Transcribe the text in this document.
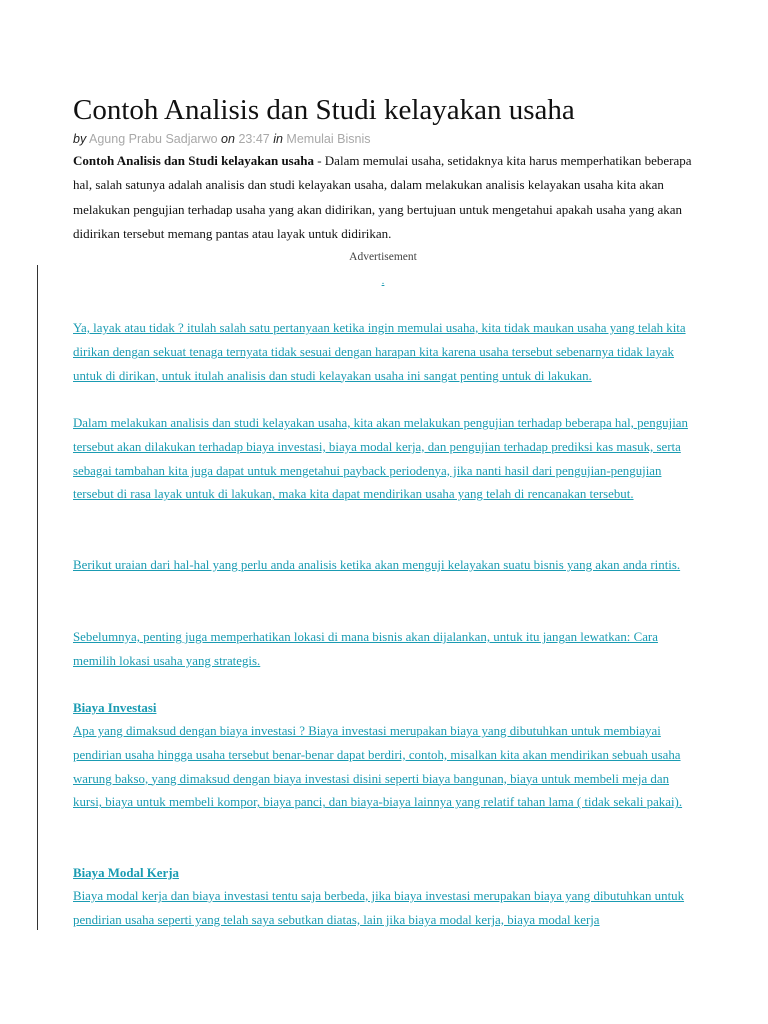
Contoh Analisis dan Studi kelayakan usaha
by Agung Prabu Sadjarwo on 23:47 in Memulai Bisnis

Contoh Analisis dan Studi kelayakan usaha - Dalam memulai usaha, setidaknya kita harus memperhatikan beberapa hal, salah satunya adalah analisis dan studi kelayakan usaha, dalam melakukan analisis kelayakan usaha kita akan melakukan pengujian terhadap usaha yang akan didirikan, yang bertujuan untuk mengetahui apakah usaha yang akan didirikan tersebut memang pantas atau layak untuk didirikan.

Advertisement
.

Ya, layak atau tidak ? itulah salah satu pertanyaan ketika ingin memulai usaha, kita tidak maukan usaha yang telah kita dirikan dengan sekuat tenaga ternyata tidak sesuai dengan harapan kita karena usaha tersebut sebenarnya tidak layak untuk di dirikan, untuk itulah analisis dan studi kelayakan usaha ini sangat penting untuk di lakukan.

Dalam melakukan analisis dan studi kelayakan usaha, kita akan melakukan pengujian terhadap beberapa hal, pengujian tersebut akan dilakukan terhadap biaya investasi, biaya modal kerja, dan pengujian terhadap prediksi kas masuk, serta sebagai tambahan kita juga dapat untuk mengetahui payback periodenya, jika nanti hasil dari pengujian-pengujian tersebut di rasa layak untuk di lakukan, maka kita dapat mendirikan usaha yang telah di rencanakan tersebut.

Berikut uraian dari hal-hal yang perlu anda analisis ketika akan menguji kelayakan suatu bisnis yang akan anda rintis.

Sebelumnya, penting juga memperhatikan lokasi di mana bisnis akan dijalankan, untuk itu jangan lewatkan: Cara memilih lokasi usaha yang strategis.

Biaya Investasi

Apa yang dimaksud dengan biaya investasi ? Biaya investasi merupakan biaya yang dibutuhkan untuk membiayai pendirian usaha hingga usaha tersebut benar-benar dapat berdiri, contoh, misalkan kita akan mendirikan sebuah usaha warung bakso, yang dimaksud dengan biaya investasi disini seperti biaya bangunan, biaya untuk membeli meja dan kursi, biaya untuk membeli kompor, biaya panci, dan biaya-biaya lainnya yang relatif tahan lama ( tidak sekali pakai).

Biaya Modal Kerja

Biaya modal kerja dan biaya investasi tentu saja berbeda, jika biaya investasi merupakan biaya yang dibutuhkan untuk pendirian usaha seperti yang telah saya sebutkan diatas, lain jika biaya modal kerja, biaya modal kerja
